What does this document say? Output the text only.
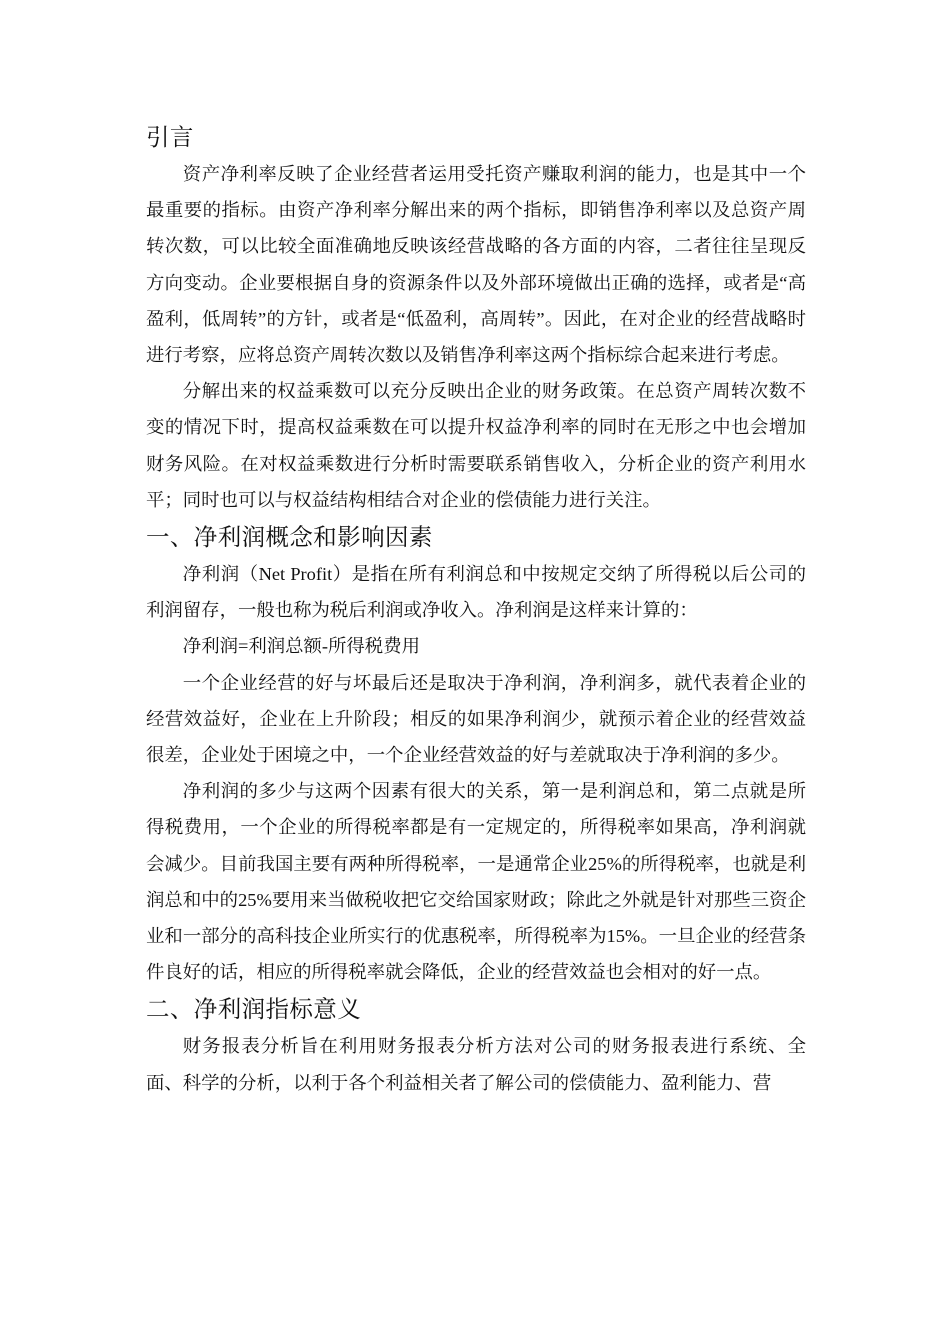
引言

资产净利率反映了企业经营者运用受托资产赚取利润的能力，也是其中一个最重要的指标。由资产净利率分解出来的两个指标，即销售净利率以及总资产周转次数，可以比较全面准确地反映该经营战略的各方面的内容，二者往往呈现反方向变动。企业要根据自身的资源条件以及外部环境做出正确的选择，或者是“高盈利，低周转”的方针，或者是“低盈利，高周转”。因此，在对企业的经营战略时进行考察，应将总资产周转次数以及销售净利率这两个指标综合起来进行考虑。

分解出来的权益乘数可以充分反映出企业的财务政策。在总资产周转次数不变的情况下时，提高权益乘数在可以提升权益净利率的同时在无形之中也会增加财务风险。在对权益乘数进行分析时需要联系销售收入，分析企业的资产利用水平；同时也可以与权益结构相结合对企业的偿债能力进行关注。

一、净利润概念和影响因素

净利润（Net Profit）是指在所有利润总和中按规定交纳了所得税以后公司的利润留存，一般也称为税后利润或净收入。净利润是这样来计算的：

净利润=利润总额-所得税费用

一个企业经营的好与坏最后还是取决于净利润，净利润多，就代表着企业的经营效益好，企业在上升阶段；相反的如果净利润少，就预示着企业的经营效益很差，企业处于困境之中，一个企业经营效益的好与差就取决于净利润的多少。

净利润的多少与这两个因素有很大的关系，第一是利润总和，第二点就是所得税费用，一个企业的所得税率都是有一定规定的，所得税率如果高，净利润就会减少。目前我国主要有两种所得税率，一是通常企业25%的所得税率，也就是利润总和中的25%要用来当做税收把它交给国家财政；除此之外就是针对那些三资企业和一部分的高科技企业所实行的优惠税率，所得税率为15%。一旦企业的经营条件良好的话，相应的所得税率就会降低，企业的经营效益也会相对的好一点。

二、净利润指标意义

财务报表分析旨在利用财务报表分析方法对公司的财务报表进行系统、全面、科学的分析，以利于各个利益相关者了解公司的偿债能力、盈利能力、营
